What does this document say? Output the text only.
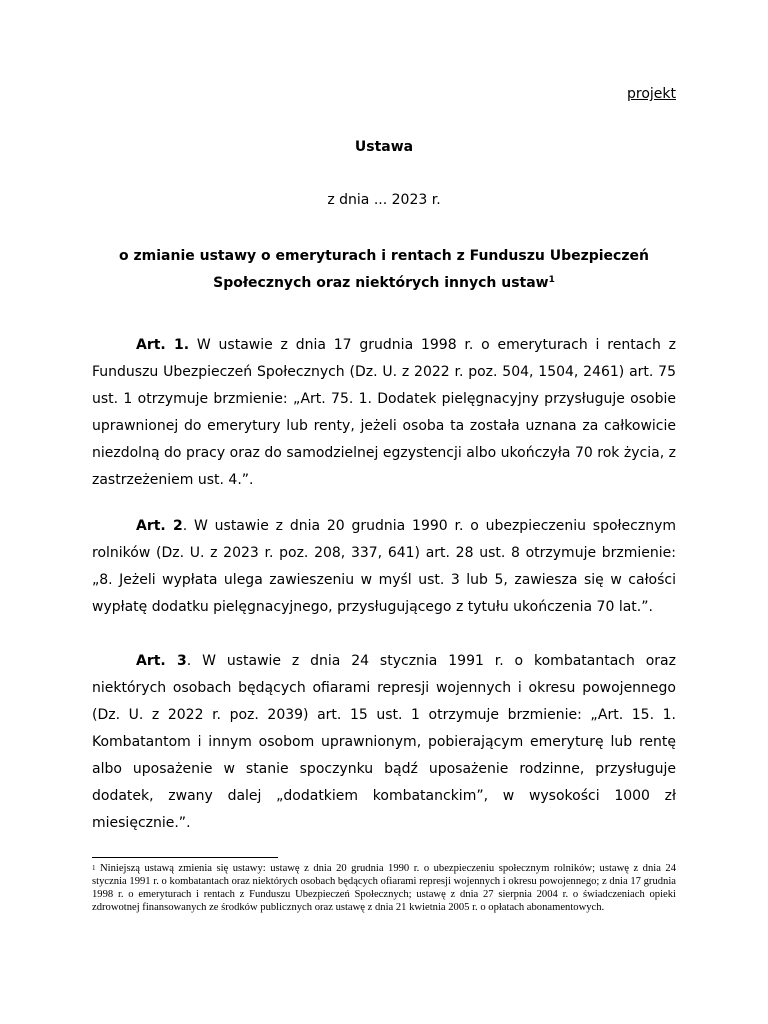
projekt
Ustawa
z dnia ... 2023 r.
o zmianie ustawy o emeryturach i rentach z Funduszu Ubezpieczeń Społecznych oraz niektórych innych ustaw$^1$

Art. 1. W ustawie z dnia 17 grudnia 1998 r. o emeryturach i rentach z Funduszu Ubezpieczeń Społecznych (Dz. U. z 2022 r. poz. 504, 1504, 2461) art. 75 ust. 1 otrzymuje brzmienie: „Art. 75. 1. Dodatek pielęgnacyjny przysługuje osobie uprawnionej do emerytury lub renty, jeżeli osoba ta została uznana za całkowicie niezdolną do pracy oraz do samodzielnej egzystencji albo ukończyła 70 rok życia, z zastrzeżeniem ust. 4.”.

Art. 2. W ustawie z dnia 20 grudnia 1990 r. o ubezpieczeniu społecznym rolników (Dz. U. z 2023 r. poz. 208, 337, 641) art. 28 ust. 8 otrzymuje brzmienie: „8. Jeżeli wypłata ulega zawieszeniu w myśl ust. 3 lub 5, zawiesza się w całości wypłatę dodatku pielęgnacyjnego, przysługującego z tytułu ukończenia 70 lat.”.

Art. 3. W ustawie z dnia 24 stycznia 1991 r. o kombatantach oraz niektórych osobach będących ofiarami represji wojennych i okresu powojennego (Dz. U. z 2022 r. poz. 2039) art. 15 ust. 1 otrzymuje brzmienie: „Art. 15. 1. Kombatantom i innym osobom uprawnionym, pobierającym emeryturę lub rentę albo uposażenie w stanie spoczynku bądź uposażenie rodzinne, przysługuje dodatek, zwany dalej „dodatkiem kombatanckim”, w wysokości 1000 zł miesięcznie.”.

$^1$ Niniejszą ustawą zmienia się ustawy: ustawę z dnia 20 grudnia 1990 r. o ubezpieczeniu społecznym rolników; ustawę z dnia 24 stycznia 1991 r. o kombatantach oraz niektórych osobach będących ofiarami represji wojennych i okresu powojennego; z dnia 17 grudnia 1998 r. o emeryturach i rentach z Funduszu Ubezpieczeń Społecznych; ustawę z dnia 27 sierpnia 2004 r. o świadczeniach opieki zdrowotnej finansowanych ze środków publicznych oraz ustawę z dnia 21 kwietnia 2005 r. o opłatach abonamentowych.
